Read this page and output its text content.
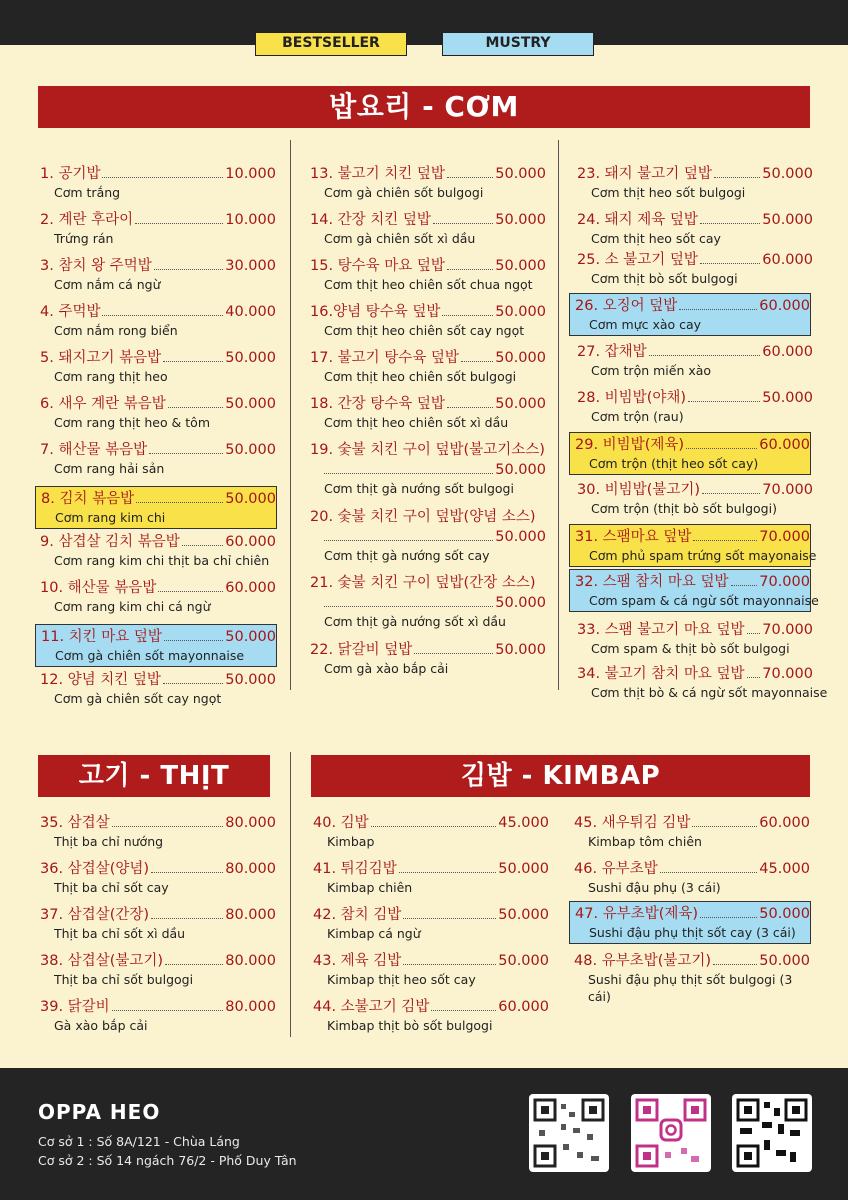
BESTSELLER	MUSTRY
밥요리 - CƠM
고기 - THỊT	김밥 - KIMBAP
1. 공기밥	10.000
Cơm trắng
2. 계란 후라이	10.000
Trứng rán
3. 참치 왕 주먹밥	30.000
Cơm nắm cá ngừ
4. 주먹밥	40.000
Cơm nắm rong biển
5. 돼지고기 볶음밥	50.000
Cơm rang thịt heo
6. 새우 계란 볶음밥	50.000
Cơm rang thịt heo & tôm
7. 해산물 볶음밥	50.000
Cơm rang hải sản
8. 김치 볶음밥	50.000
Cơm rang kim chi
9. 삼겹살 김치 볶음밥	60.000
Cơm rang kim chi thịt ba chỉ chiên
10. 해산물 볶음밥	60.000
Cơm rang kim chi cá ngừ
11. 치킨 마요 덮밥	50.000
Cơm gà chiên sốt mayonnaise
12. 양념 치킨 덮밥	50.000
Cơm gà chiên sốt cay ngọt
13. 불고기 치킨 덮밥	50.000
Cơm gà chiên sốt bulgogi
14. 간장 치킨 덮밥	50.000
Cơm gà chiên sốt xì dầu
15. 탕수육 마요 덮밥	50.000
Cơm thịt heo chiên sốt chua ngọt
16.양념 탕수육 덮밥	50.000
Cơm thịt heo chiên sốt cay ngọt
17. 불고기 탕수육 덮밥	50.000
Cơm thịt heo chiên sốt bulgogi
18. 간장 탕수육 덮밥	50.000
Cơm thịt heo chiên sốt xì dầu
19. 숯불 치킨 구이 덮밥(불고기소스)
50.000
Cơm thịt gà nướng sốt bulgogi
20. 숯불 치킨 구이 덮밥(양념 소스)
50.000
Cơm thịt gà nướng sốt cay
21. 숯불 치킨 구이 덮밥(간장 소스)
50.000
Cơm thịt gà nướng sốt xì dầu
22. 닭갈비 덮밥	50.000
Cơm gà xào bắp cải
23. 돼지 불고기 덮밥	50.000
Cơm thịt heo sốt bulgogi
24. 돼지 제육 덮밥	50.000
Cơm thịt heo sốt cay
25. 소 불고기 덮밥	60.000
Cơm thịt bò sốt bulgogi
26. 오징어 덮밥	60.000
Cơm mực xào cay
27. 잡채밥	60.000
Cơm trộn miến xào
28. 비빔밥(야채)	50.000
Cơm trộn (rau)
29. 비빔밥(제육)	60.000
Cơm trộn (thịt heo sốt cay)
30. 비빔밥(불고기)	70.000
Cơm trộn (thịt bò sốt bulgogi)
31. 스팸마요 덮밥	70.000
Cơm phủ spam trứng sốt mayonaise
32. 스팸 참치 마요 덮밥 70.000
Cơm spam & cá ngừ sốt mayonnaise
33. 스팸 불고기 마요 덮밥 70.000
Cơm spam & thịt bò sốt bulgogi
34. 불고기 참치 마요 덮밥 70.000
Cơm thịt bò & cá ngừ sốt mayonnaise
35. 삼겹살	80.000
Thịt ba chỉ nướng
36. 삼겹살(양념)	80.000
Thịt ba chỉ sốt cay
37. 삼겹살(간장)	80.000
Thịt ba chỉ sốt xì dầu
38. 삼겹살(불고기)	80.000
Thịt ba chỉ sốt bulgogi
39. 닭갈비	80.000
Gà xào bắp cải
40. 김밥	45.000
Kimbap
41. 튀김김밥	50.000
Kimbap chiên
42. 참치 김밥	50.000
Kimbap cá ngừ
43. 제육 김밥	50.000
Kimbap thịt heo sốt cay
44. 소불고기 김밥	60.000
Kimbap thịt bò sốt bulgogi
45. 새우튀김 김밥	60.000
Kimbap tôm chiên
46. 유부초밥	45.000
Sushi đậu phụ (3 cái)
47. 유부초밥(제육)	50.000
Sushi đậu phụ thịt sốt cay (3 cái)
48. 유부초밥(불고기)	50.000
Sushi đậu phụ thịt sốt bulgogi (3 cái)
OPPA HEO
Cơ sở 1 : Số 8A/121 - Chùa Láng
Cơ sở 2 : Số 14 ngách 76/2 - Phố Duy Tân
